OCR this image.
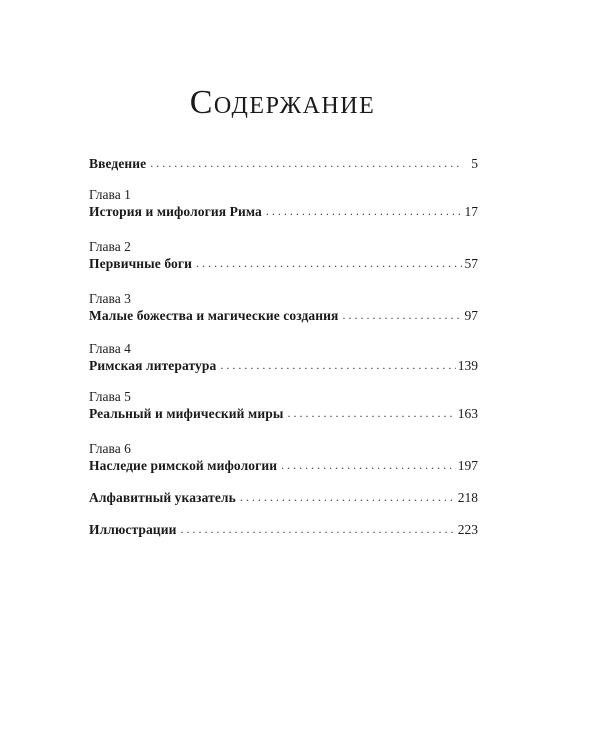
Содержание
Введение . . .	5
Глава 1
История и мифология Рима . . .	17
Глава 2
Первичные боги . . .	57
Глава 3
Малые божества и магические создания . . .	97
Глава 4
Римская литература . . .	139
Глава 5
Реальный и мифический миры . . .	163
Глава 6
Наследие римской мифологии . . .	197
Алфавитный указатель . . .	218
Иллюстрации . . .	223
